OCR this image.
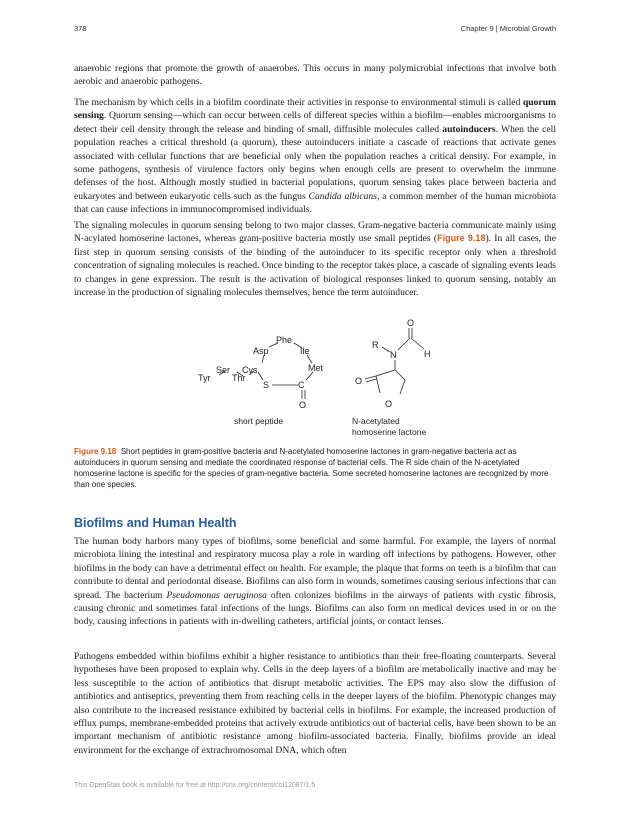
378	Chapter 9 | Microbial Growth

anaerobic regions that promote the growth of anaerobes. This occurs in many polymicrobial infections that involve both aerobic and anaerobic pathogens.

The mechanism by which cells in a biofilm coordinate their activities in response to environmental stimuli is called quorum sensing. Quorum sensing—which can occur between cells of different species within a biofilm—enables microorganisms to detect their cell density through the release and binding of small, diffusible molecules called autoinducers. When the cell population reaches a critical threshold (a quorum), these autoinducers initiate a cascade of reactions that activate genes associated with cellular functions that are beneficial only when the population reaches a critical density. For example, in some pathogens, synthesis of virulence factors only begins when enough cells are present to overwhelm the immune defenses of the host. Although mostly studied in bacterial populations, quorum sensing takes place between bacteria and eukaryotes and between eukaryotic cells such as the fungus Candida albicans, a common member of the human microbiota that can cause infections in immunocompromised individuals.

The signaling molecules in quorum sensing belong to two major classes. Gram-negative bacteria communicate mainly using N-acylated homoserine lactones, whereas gram-positive bacteria mostly use small peptides (Figure 9.18). In all cases, the first step in quorum sensing consists of the binding of the autoinducer to its specific receptor only when a threshold concentration of signaling molecules is reached. Once binding to the receptor takes place, a cascade of signaling events leads to changes in gene expression. The result is the activation of biological responses linked to quorum sensing, notably an increase in the production of signaling molecules themselves, hence the term autoinducer.

Tyr
Ser
Thr
Cys
Asp
Phe
Ile
Met
S	C
O
short peptide
O
R
N	H
O
O
N-acetylated
homoserine lactone

Figure 9.18 Short peptides in gram-positive bacteria and N-acetylated homoserine lactones in gram-negative bacteria act as autoinducers in quorum sensing and mediate the coordinated response of bacterial cells. The R side chain of the N-acetylated homoserine lactone is specific for the species of gram-negative bacteria. Some secreted homoserine lactones are recognized by more than one species.

Biofilms and Human Health

The human body harbors many types of biofilms, some beneficial and some harmful. For example, the layers of normal microbiota lining the intestinal and respiratory mucosa play a role in warding off infections by pathogens. However, other biofilms in the body can have a detrimental effect on health. For example, the plaque that forms on teeth is a biofilm that can contribute to dental and periodontal disease. Biofilms can also form in wounds, sometimes causing serious infections that can spread. The bacterium Pseudomonas aeruginosa often colonizes biofilms in the airways of patients with cystic fibrosis, causing chronic and sometimes fatal infections of the lungs. Biofilms can also form on medical devices used in or on the body, causing infections in patients with in-dwelling catheters, artificial joints, or contact lenses.

Pathogens embedded within biofilms exhibit a higher resistance to antibiotics than their free-floating counterparts. Several hypotheses have been proposed to explain why. Cells in the deep layers of a biofilm are metabolically inactive and may be less susceptible to the action of antibiotics that disrupt metabolic activities. The EPS may also slow the diffusion of antibiotics and antiseptics, preventing them from reaching cells in the deeper layers of the biofilm. Phenotypic changes may also contribute to the increased resistance exhibited by bacterial cells in biofilms. For example, the increased production of efflux pumps, membrane-embedded proteins that actively extrude antibiotics out of bacterial cells, have been shown to be an important mechanism of antibiotic resistance among biofilm-associated bacteria. Finally, biofilms provide an ideal environment for the exchange of extrachromosomal DNA, which often

This OpenStax book is available for free at http://cnx.org/content/col12087/1.5
